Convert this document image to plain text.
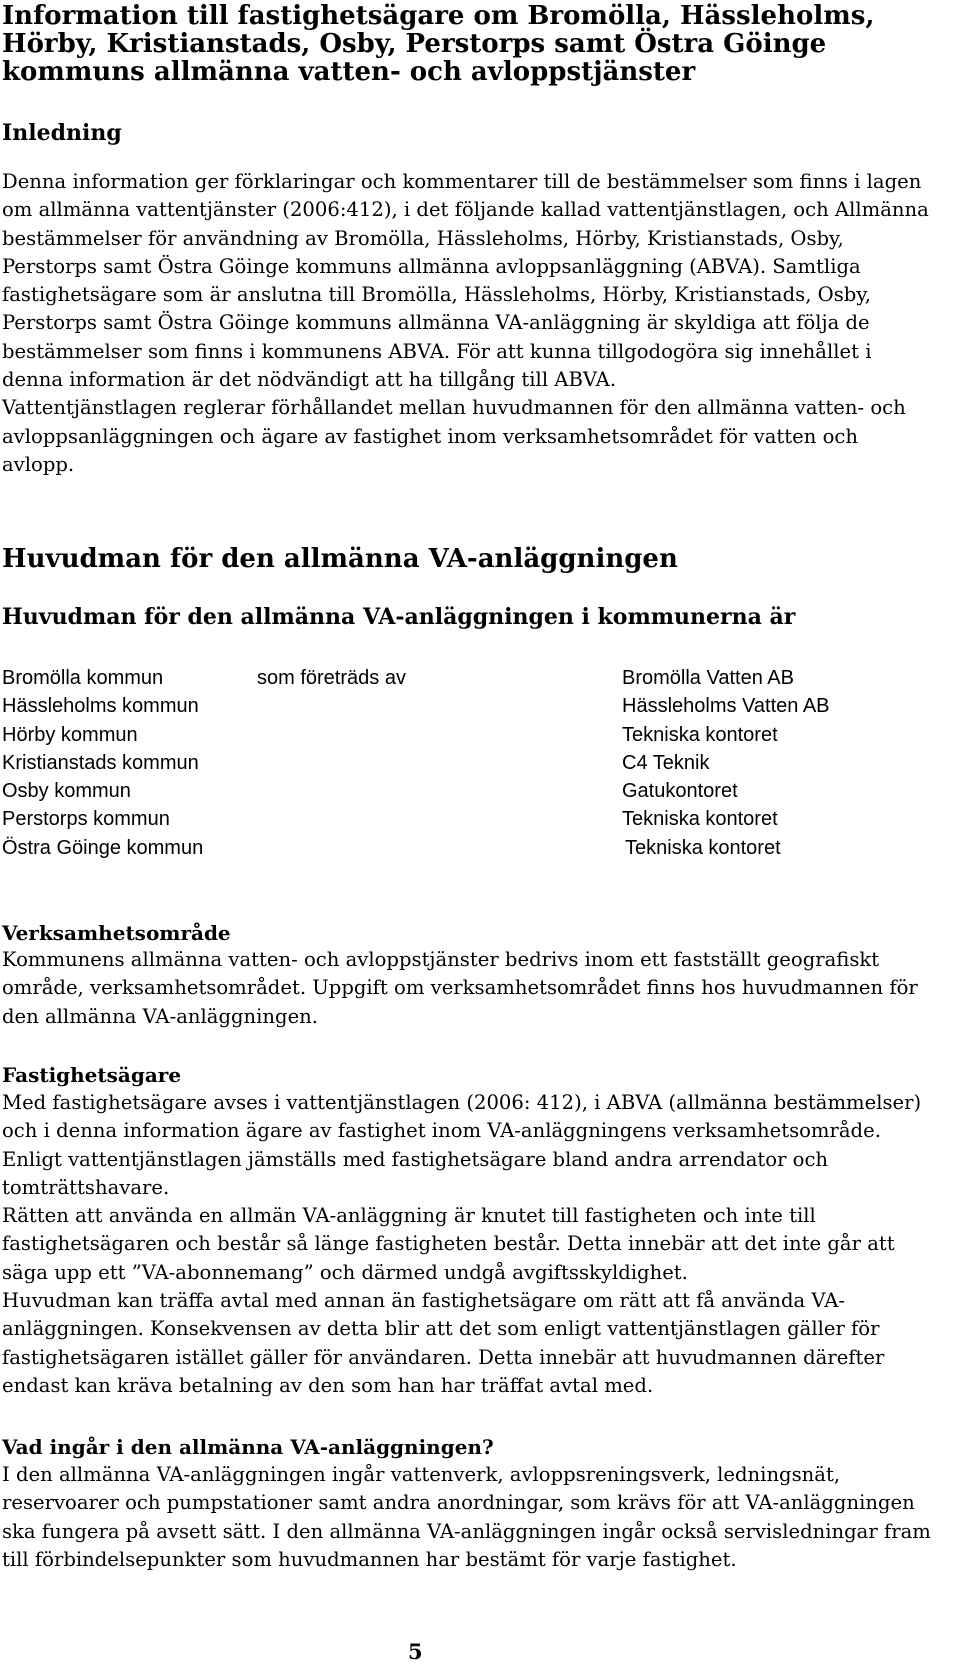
Information till fastighetsägare om Bromölla, Hässleholms, Hörby, Kristianstads, Osby, Perstorps samt Östra Göinge kommuns allmänna vatten- och avloppstjänster
Inledning

Denna information ger förklaringar och kommentarer till de bestämmelser som finns i lagen om allmänna vattentjänster (2006:412), i det följande kallad vattentjänstlagen, och Allmänna bestämmelser för användning av Bromölla, Hässleholms, Hörby, Kristianstads, Osby, Perstorps samt Östra Göinge kommuns allmänna avloppsanläggning (ABVA). Samtliga fastighetsägare som är anslutna till Bromölla, Hässleholms, Hörby, Kristianstads, Osby, Perstorps samt Östra Göinge kommuns allmänna VA-anläggning är skyldiga att följa de bestämmelser som finns i kommunens ABVA. För att kunna tillgodogöra sig innehållet i denna information är det nödvändigt att ha tillgång till ABVA.

Vattentjänstlagen reglerar förhållandet mellan huvudmannen för den allmänna vatten- och avloppsanläggningen och ägare av fastighet inom verksamhetsområdet för vatten och avlopp.

Huvudman för den allmänna VA-anläggningen
Huvudman för den allmänna VA-anläggningen i kommunerna är
Bromölla kommun	som företräds av	Bromölla Vatten AB
Hässleholms kommun	Hässleholms Vatten AB
Hörby kommun	Tekniska kontoret
Kristianstads kommun	C4 Teknik
Osby kommun	Gatukontoret
Perstorps kommun	Tekniska kontoret
Östra Göinge kommun	Tekniska kontoret
Verksamhetsområde

Kommunens allmänna vatten- och avloppstjänster bedrivs inom ett fastställt geografiskt område, verksamhetsområdet. Uppgift om verksamhetsområdet finns hos huvudmannen för den allmänna VA-anläggningen.

Fastighetsägare

Med fastighetsägare avses i vattentjänstlagen (2006: 412), i ABVA (allmänna bestämmelser) och i denna information ägare av fastighet inom VA-anläggningens verksamhetsområde. Enligt vattentjänstlagen jämställs med fastighetsägare bland andra arrendator och tomträttshavare.

Rätten att använda en allmän VA-anläggning är knutet till fastigheten och inte till fastighetsägaren och består så länge fastigheten består. Detta innebär att det inte går att säga upp ett ”VA-abonnemang” och därmed undgå avgiftsskyldighet.

Huvudman kan träffa avtal med annan än fastighetsägare om rätt att få använda VA-anläggningen. Konsekvensen av detta blir att det som enligt vattentjänstlagen gäller för fastighetsägaren istället gäller för användaren. Detta innebär att huvudmannen därefter endast kan kräva betalning av den som han har träffat avtal med.

Vad ingår i den allmänna VA-anläggningen?

I den allmänna VA-anläggningen ingår vattenverk, avloppsreningsverk, ledningsnät, reservoarer och pumpstationer samt andra anordningar, som krävs för att VA-anläggningen ska fungera på avsett sätt. I den allmänna VA-anläggningen ingår också servisledningar fram till förbindelsepunkter som huvudmannen har bestämt för varje fastighet.

5
